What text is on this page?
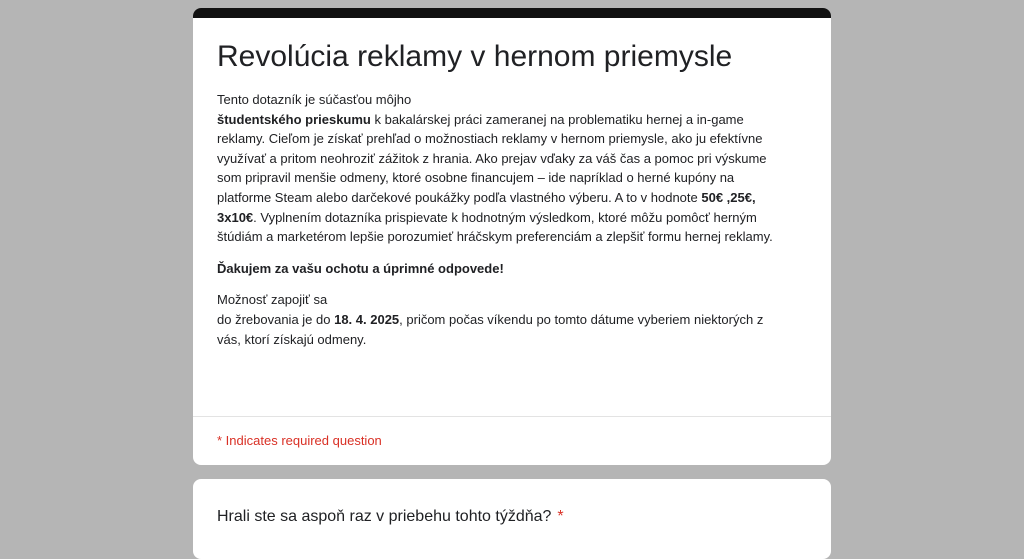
Revolúcia reklamy v hernom priemysle

Tento dotazník je súčasťou môjho
študentského prieskumu k bakalárskej práci zameranej na problematiku hernej a in-game reklamy. Cieľom je získať prehľad o možnostiach reklamy v hernom priemysle, ako ju efektívne využívať a pritom neohroziť zážitok z hrania. Ako prejav vďaky za váš čas a pomoc pri výskume som pripravil menšie odmeny, ktoré osobne financujem – ide napríklad o herné kupóny na platforme Steam alebo darčekové poukážky podľa vlastného výberu. A to v hodnote 50€ ,25€, 3x10€. Vyplnením dotazníka prispievate k hodnotným výsledkom, ktoré môžu pomôcť herným štúdiám a marketérom lepšie porozumieť hráčskym preferenciám a zlepšiť formu hernej reklamy.

Ďakujem za vašu ochotu a úprimné odpovede!

Možnosť zapojiť sa
do žrebovania je do 18. 4. 2025, pričom počas víkendu po tomto dátume vyberiem niektorých z vás, ktorí získajú odmeny.

* Indicates required question
Hrali ste sa aspoň raz v priebehu tohto týždňa? *
